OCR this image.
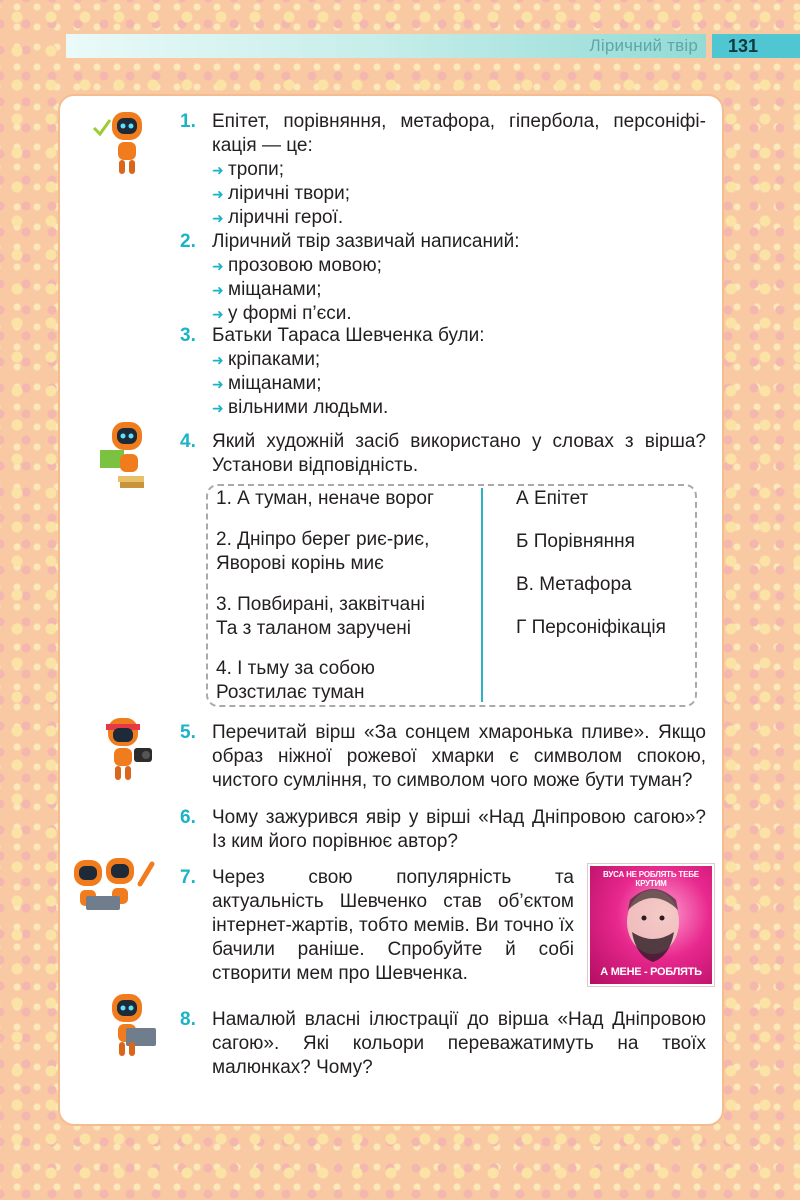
Ліричний твір	131
1. Епітет, порівняння, метафора, гіпербола, персоніфі-кація — це:
➜ тропи;
➜ ліричні твори;
➜ ліричні герої.
2. Ліричний твір зазвичай написаний:
➜ прозовою мовою;
➜ міщанами;
➜ у формі п’єси.
3. Батьки Тараса Шевченка були:
➜ кріпаками;
➜ міщанами;
➜ вільними людьми.
4. Який художній засіб використано у словах з вірша? Установи відповідність.
1. А туман, неначе ворог
2. Дніпро берег риє-риє,
Яворові корінь миє
3. Повбирані, заквітчані
Та з таланом заручені
4. І тьму за собою
Розстилає туман
А Епітет
Б Порівняння
В. Метафора
Г Персоніфікація
5. Перечитай вірш «За сонцем хмаронька пливе». Якщо образ ніжної рожевої хмарки є символом спокою, чистого сумління, то символом чого може бути туман?
6. Чому зажурився явір у вірші «Над Дніпровою сагою»? Із ким його порівнює автор?
7. Через свою популярність та актуальність Шевченко став об’єктом інтернет-жартів, тобто мемів. Ви точно їх бачили раніше. Спробуйте й собі створити мем про Шевченка.
ВУСА НЕ РОБЛЯТЬ ТЕБЕ КРУТИМ
А МЕНЕ - РОБЛЯТЬ
8. Намалюй власні ілюстрації до вірша «Над Дніпровою сагою». Які кольори переважатимуть на твоїх малюнках? Чому?
